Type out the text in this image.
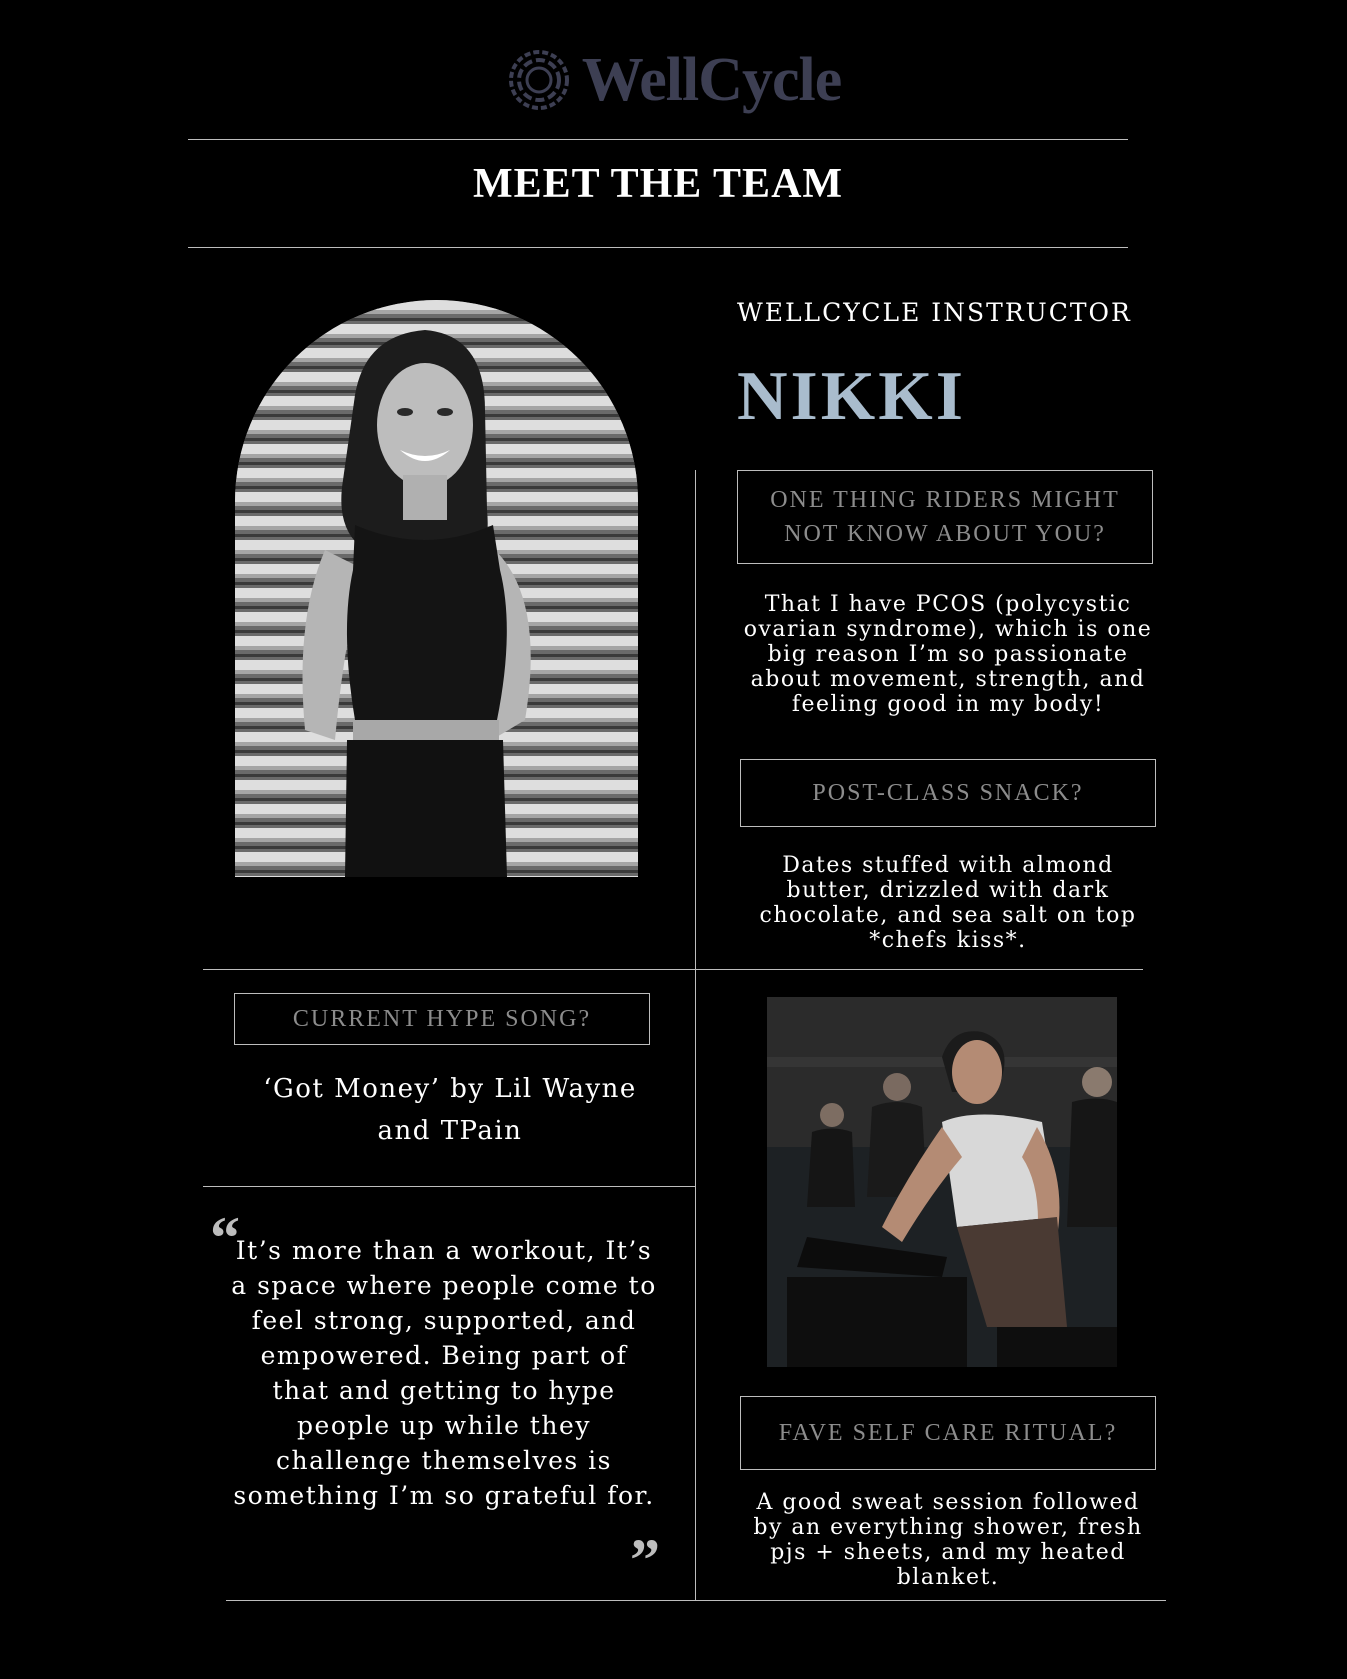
WellCycle
MEET THE TEAM
WELLCYCLE INSTRUCTOR
NIKKI
ONE THING RIDERS MIGHT NOT KNOW ABOUT YOU?
That I have PCOS (polycystic ovarian syndrome), which is one big reason I’m so passionate about movement, strength, and feeling good in my body!
POST-CLASS SNACK?
Dates stuffed with almond butter, drizzled with dark chocolate, and sea salt on top *chefs kiss*.
CURRENT HYPE SONG?
‘Got Money’ by Lil Wayne and TPain
“
It’s more than a workout, It’s a space where people come to feel strong, supported, and empowered. Being part of that and getting to hype people up while they challenge themselves is something I’m so grateful for.
”
FAVE SELF CARE RITUAL?
A good sweat session followed by an everything shower, fresh pjs + sheets, and my heated blanket.
